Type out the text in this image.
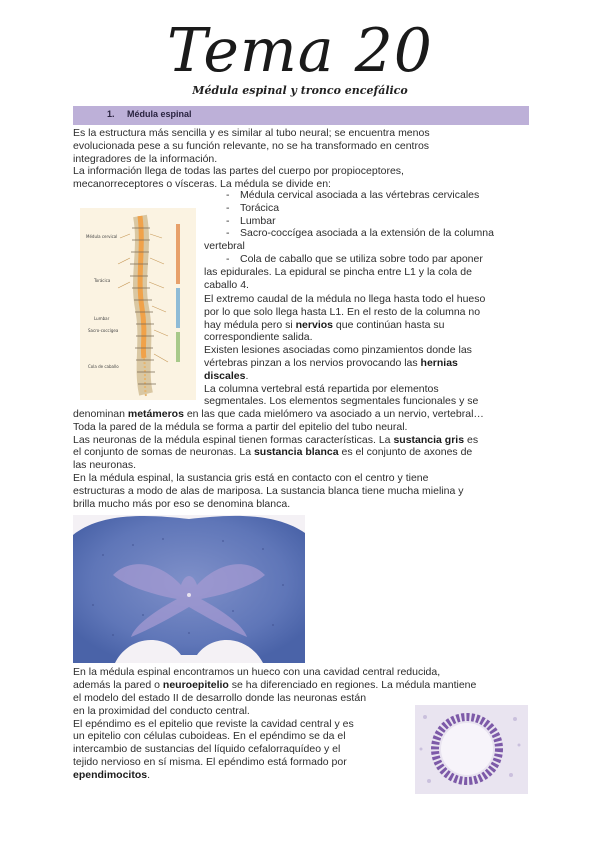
Tema 20
Médula espinal y tronco encefálico
1. Médula espinal
Es la estructura más sencilla y es similar al tubo neural; se encuentra menos
evolucionada pese a su función relevante, no se ha transformado en centros
integradores de la información.
La información llega de todas las partes del cuerpo por propioceptores,
mecanorreceptores o vísceras. La médula se divide en:
Médula cervical
Torácica
Lumbar
Sacro-coccígea
Cola de caballo
- Médula cervical asociada a las vértebras cervicales
- Torácica
- Lumbar
- Sacro-coccígea asociada a la extensión de la columna
vertebral
- Cola de caballo que se utiliza sobre todo par aponer
las epidurales. La epidural se pincha entre L1 y la cola de
caballo 4.
El extremo caudal de la médula no llega hasta todo el hueso
por lo que solo llega hasta L1. En el resto de la columna no
hay médula pero si nervios que continúan hasta su
correspondiente salida.
Existen lesiones asociadas como pinzamientos donde las
vértebras pinzan a los nervios provocando las hernias
discales.
La columna vertebral está repartida por elementos
segmentales. Los elementos segmentales funcionales y se
denominan metámeros en las que cada mielómero va asociado a un nervio, vertebral…
Toda la pared de la médula se forma a partir del epitelio del tubo neural.
Las neuronas de la médula espinal tienen formas características. La sustancia gris es
el conjunto de somas de neuronas. La sustancia blanca es el conjunto de axones de
las neuronas.
En la médula espinal, la sustancia gris está en contacto con el centro y tiene
estructuras a modo de alas de mariposa. La sustancia blanca tiene mucha mielina y
brilla mucho más por eso se denomina blanca.
En la médula espinal encontramos un hueco con una cavidad central reducida,
además la pared o neuroepitelio se ha diferenciado en regiones. La médula mantiene
el modelo del estado II de desarrollo donde las neuronas están
en la proximidad del conducto central.
El epéndimo es el epitelio que reviste la cavidad central y es
un epitelio con células cuboideas. En el epéndimo se da el
intercambio de sustancias del líquido cefalorraquídeo y el
tejido nervioso en sí misma. El epéndimo está formado por
ependimocitos.
